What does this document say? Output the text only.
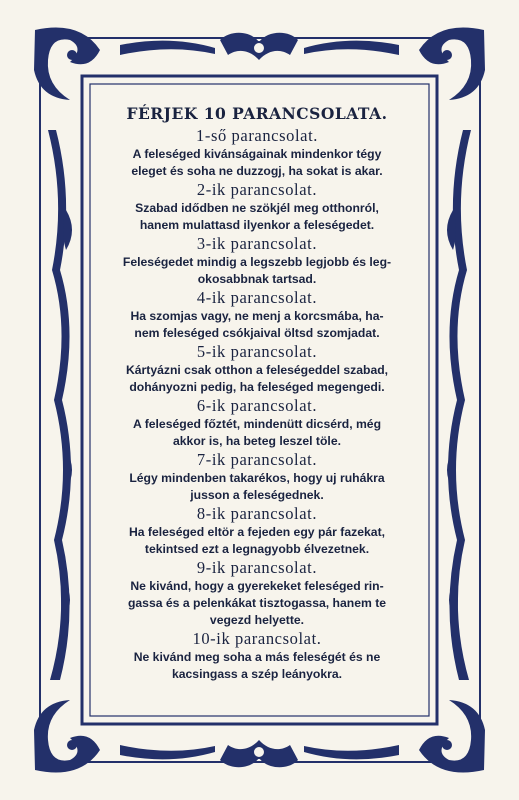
FÉRJEK 10 PARANCSOLATA.
1-ső parancsolat.
A feleséged kivánságainak mindenkor tégy
eleget és soha ne duzzogj, ha sokat is akar.
2-ik parancsolat.
Szabad idődben ne szökjél meg otthonról,
hanem mulattasd ilyenkor a feleségedet.
3-ik parancsolat.
Feleségedet mindig a legszebb legjobb és leg-
okosabbnak tartsad.
4-ik parancsolat.
Ha szomjas vagy, ne menj a korcsmába, ha-
nem feleséged csókjaival öltsd szomjadat.
5-ik parancsolat.
Kártyázni csak otthon a feleségeddel szabad,
dohányozni pedig, ha feleséged megengedi.
6-ik parancsolat.
A feleséged főztét, mindenütt dicsérd, még
akkor is, ha beteg leszel töle.
7-ik parancsolat.
Légy mindenben takarékos, hogy uj ruhákra
jusson a feleségednek.
8-ik parancsolat.
Ha feleséged eltör a fejeden egy pár fazekat,
tekintsed ezt a legnagyobb élvezetnek.
9-ik parancsolat.
Ne kivánd, hogy a gyerekeket feleséged rin-
gassa és a pelenkákat tisztogassa, hanem te
vegezd helyette.
10-ik parancsolat.
Ne kivánd meg soha a más feleségét és ne
kacsingass a szép leányokra.
